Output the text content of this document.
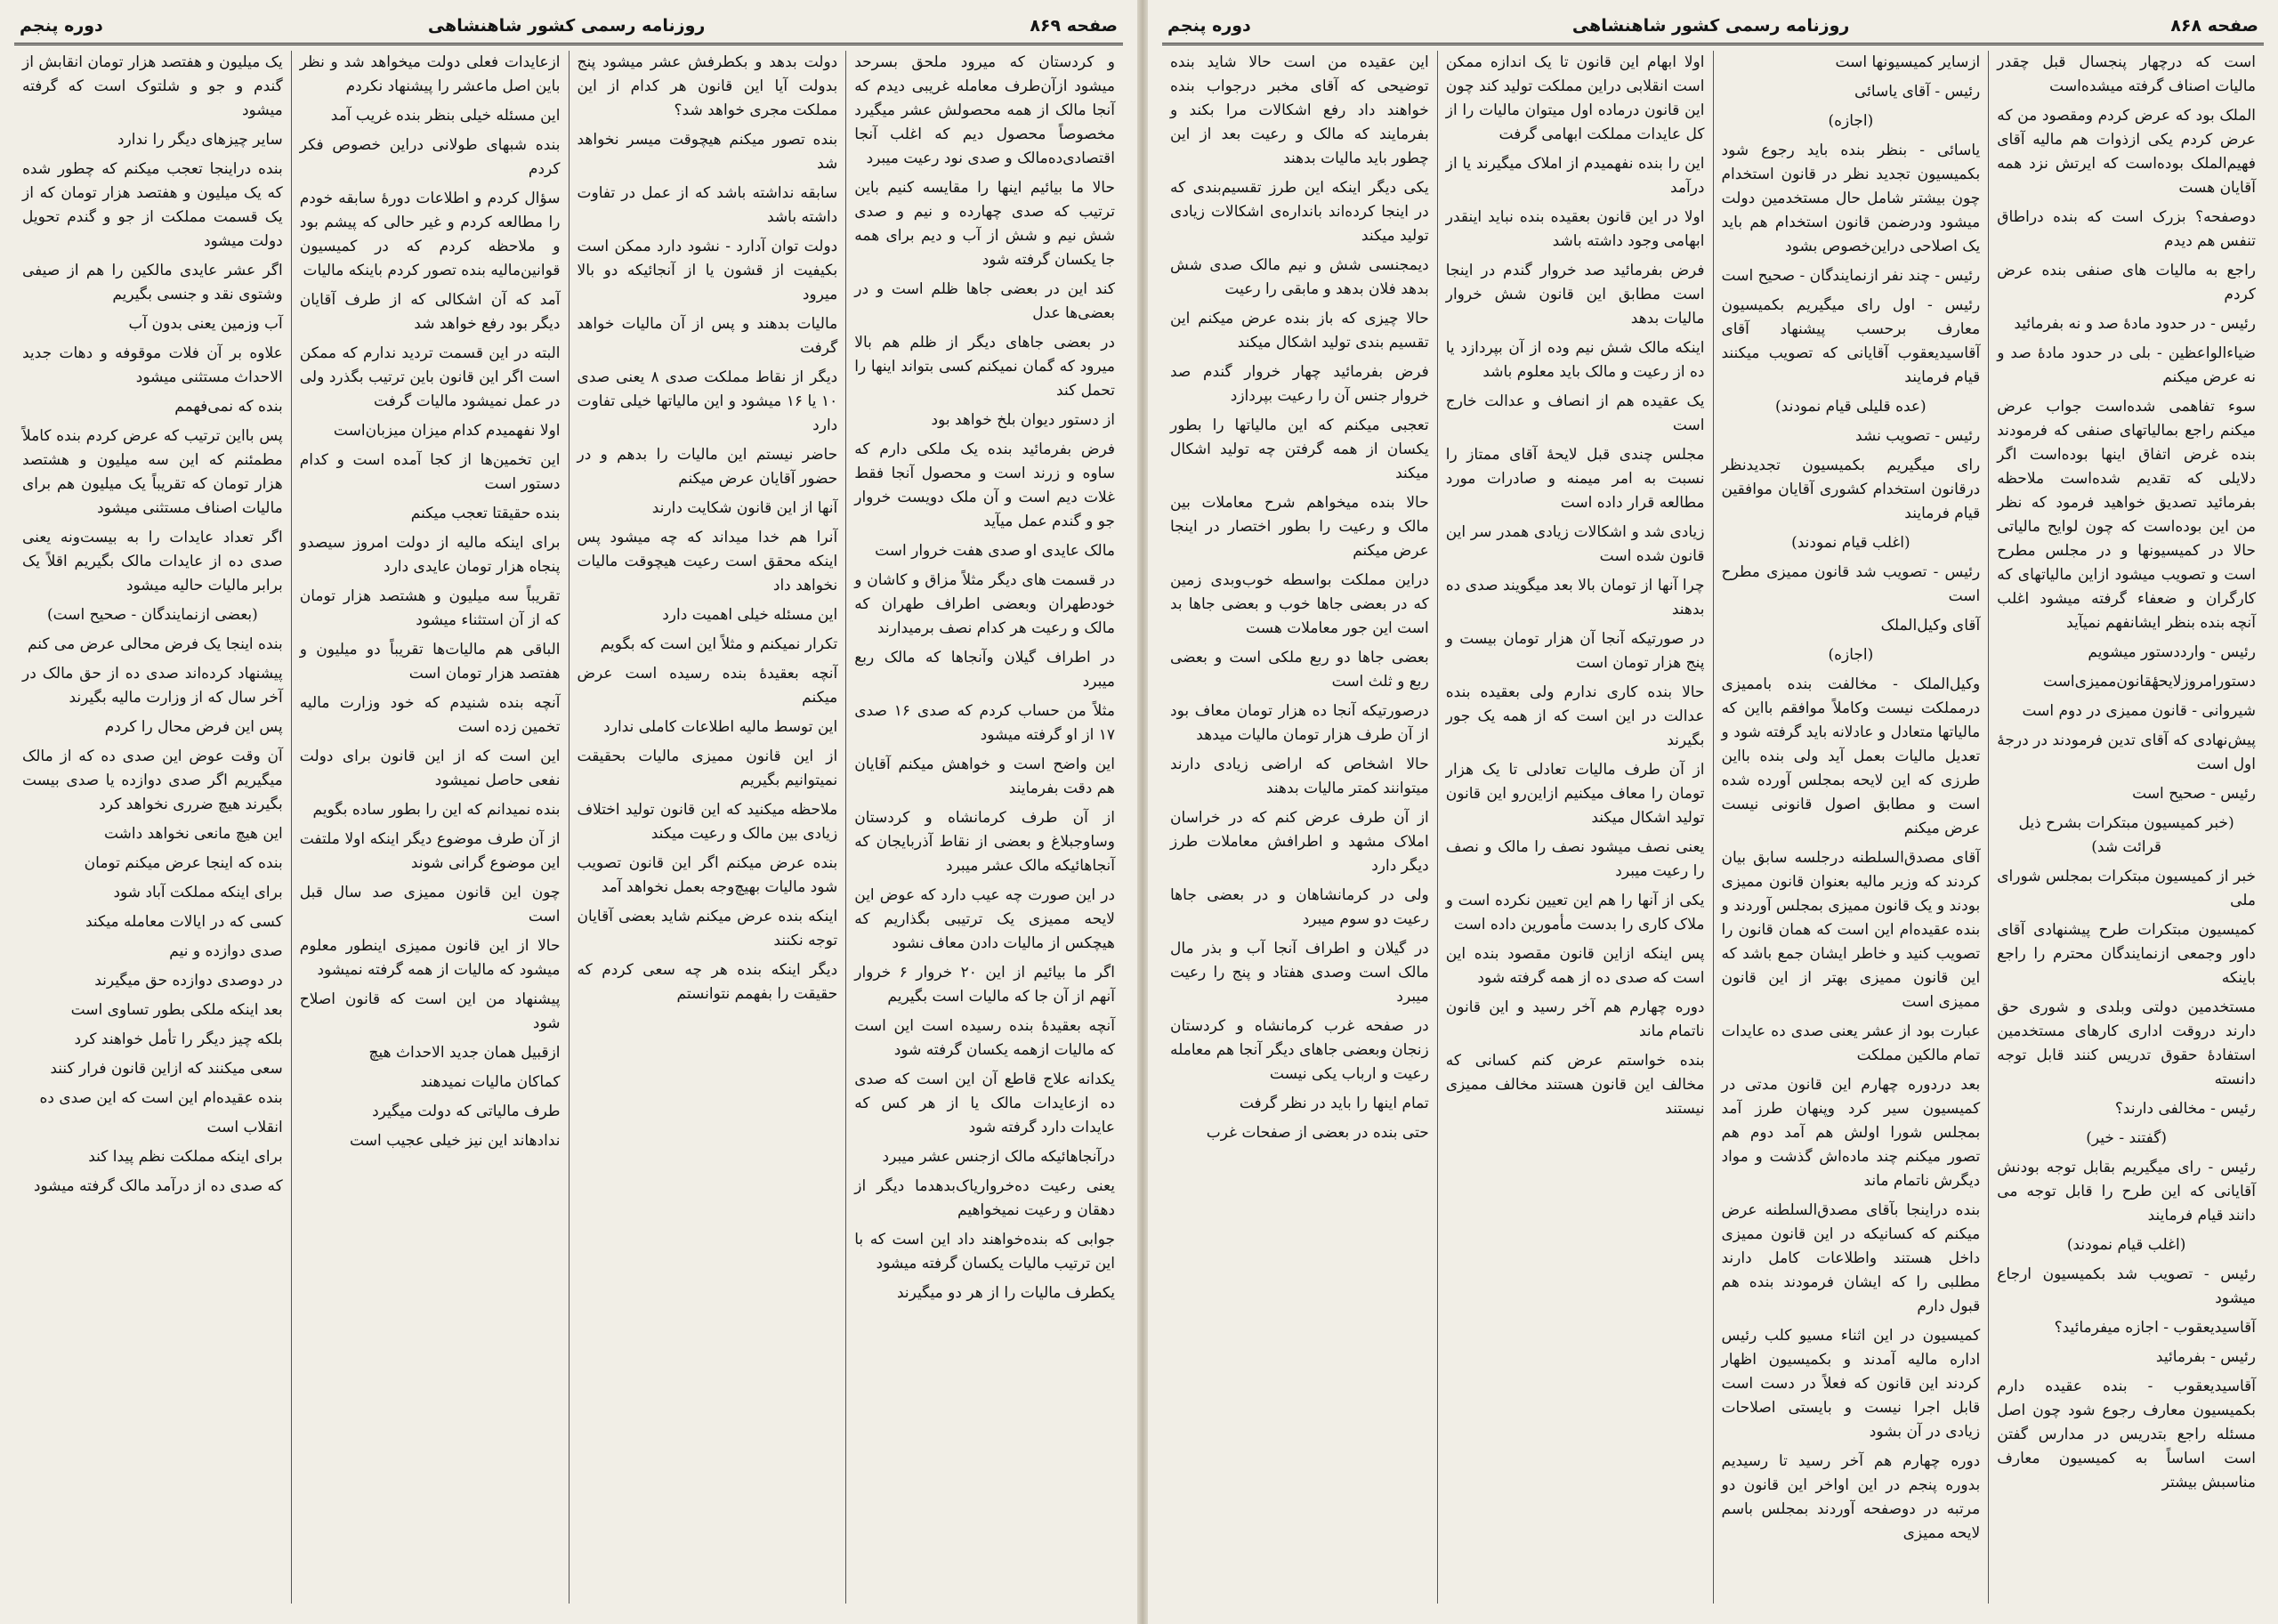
صفحه ۸۶۹
روزنامه رسمی کشور شاهنشاهی
دوره پنجم

و کردستان که میرود ملحق بسرحد میشود ازآن‌طرف معامله غریبی دیدم که آنجا مالک از همه محصولش عشر میگیرد مخصوصاً محصول دیم که اغلب آنجا اقتصادی‌ده‌مالک و صدی نود رعیت میبرد

حالا ما بیائیم اینها را مقایسه کنیم باین ترتیب که صدی چهارده و نیم و صدی شش نیم و شش از آب و دیم برای همه جا یکسان گرفته شود

کند این در بعضی جاها ظلم است و در بعضی‌ها عدل

در بعضی جاهای دیگر از ظلم هم بالا میرود که گمان نمیکنم کسی بتواند اینها را تحمل کند

از دستور دیوان بلخ خواهد بود

فرض بفرمائید بنده یک ملکی دارم که ساوه و زرند است و محصول آنجا فقط غلات دیم است و آن ملک دویست خروار جو و گندم عمل میآید

مالک عایدی او صدی هفت خروار است

در قسمت های دیگر مثلاً مزاق و کاشان و خودطهران وبعضی اطراف طهران که مالک و رعیت هر کدام نصف برمیدارند

در اطراف گیلان وآنجاها که مالک ربع میبرد

مثلاً من حساب کردم که صدی ۱۶ صدی ۱۷ از او گرفته میشود

این واضح است و خواهش میکنم آقایان هم دقت بفرمایند

از آن طرف کرمانشاه و کردستان وساوجبلاغ و بعضی از نقاط آذربایجان که آنجاهائیکه مالک عشر میبرد

در این صورت چه عیب دارد که عوض این لایحه ممیزی یک ترتیبی بگذاریم که هیچکس از مالیات دادن معاف نشود

اگر ما بیائیم از این ۲۰ خروار ۶ خروار آنهم از آن جا که مالیات است بگیریم

آنچه بعقیدهٔ بنده رسیده است این است که مالیات ازهمه یکسان گرفته شود

یکدانه علاج قاطع آن این است که صدی ده ازعایدات مالک یا از هر کس که عایدات دارد گرفته شود

درآنجاهائیکه مالک ازجنس عشر میبرد

یعنی رعیت ده‌خروار‌یاک‌بدهد‌ما‌ دیگر از دهقان و رعیت نمیخواهیم

جوابی که بنده‌خواهند داد این است که با این ترتیب مالیات یکسان گرفته میشود

یکطرف مالیات را از هر دو میگیرند

دولت بدهد و بکطرفش عشر میشود پنج بدولت آیا این قانون هر کدام از این مملکت مجری خواهد شد؟

بنده تصور میکنم هیچوقت میسر نخواهد شد

سابقه نداشته باشد که از عمل در تفاوت داشته باشد

دولت توان آدارد - نشود دارد ممکن است بکیفیت از قشون یا از آنجائیکه دو بالا میرود

مالیات بدهند و پس از آن مالیات خواهد گرفت

دیگر از نقاط مملکت صدی ۸ یعنی صدی ۱۰ یا ۱۶ میشود و این مالیاتها خیلی تفاوت دارد

حاضر نیستم این مالیات را بدهم و در حضور آقایان عرض میکنم

آنها از این قانون شکایت دارند

آنرا هم خدا میداند که چه میشود پس اینکه محقق است رعیت هیچوقت مالیات نخواهد داد

این مسئله خیلی اهمیت دارد

تکرار نمیکنم و مثلاً این است که بگویم

آنچه بعقیدهٔ بنده رسیده است عرض میکنم

این توسط مالیه اطلاعات کاملی ندارد

از این قانون ممیزی مالیات بحقیقت نمیتوانیم بگیریم

ملاحظه میکنید که این قانون تولید اختلاف زیادی بین مالک و رعیت میکند

بنده عرض میکنم اگر این قانون تصویب شود مالیات بهیچ‌وجه بعمل نخواهد آمد

اینکه بنده عرض میکنم شاید بعضی آقایان توجه نکنند

دیگر اینکه بنده هر چه سعی کردم که حقیقت را بفهمم نتوانستم

ازعایدات فعلی دولت میخواهد شد و نظر باین اصل ماعشر را پیشنهاد نکردم

این مسئله خیلی بنظر بنده غریب آمد

بنده شبهای طولانی دراین خصوص فکر کردم

سؤال کردم و اطلاعات دورهٔ سابقه خودم را مطالعه کردم و غیر حالی که پیشم بود و ملاحظه کردم که در کمیسیون قوانین‌مالیه بنده تصور کردم باینکه مالیات

آمد که آن اشکالی که از طرف آقایان دیگر بود رفع خواهد شد

البته در این قسمت تردید ندارم که ممکن است اگر این قانون باین ترتیب بگذرد ولی در عمل نمیشود مالیات گرفت

اولا نفهمیدم کدام میزان میزبان‌است

این تخمین‌ها از کجا آمده است و کدام دستور است

بنده حقیقتا تعجب میکنم

برای اینکه مالیه از دولت امروز سیصدو پنجاه هزار تومان عایدی دارد

تقریباً سه میلیون و هشتصد هزار تومان که از آن استثناء میشود

الباقی هم مالیات‌ها تقریباً دو میلیون و هفتصد هزار تومان است

آنچه بنده شنیدم که خود وزارت مالیه تخمین زده است

این است که از این قانون برای دولت نفعی حاصل نمیشود

بنده نمیدانم که این را بطور ساده بگویم

از آن طرف موضوع دیگر اینکه اولا ملتفت این موضوع گرانی شوند

چون این قانون ممیزی صد سال قبل است

حالا از این قانون ممیزی اینطور معلوم میشود که مالیات از همه گرفته نمیشود

پیشنهاد من این است که قانون اصلاح شود

ازقبیل همان جدید الاحداث هیچ

کماکان مالیات نمیدهند

طرف مالیاتی که دولت میگیرد

ندادهاند این نیز خیلی عجیب است

یک میلیون و هفتصد هزار تومان انقابش از گندم و جو و شلتوک است که گرفته میشود

سایر چیزهای دیگر را ندارد

بنده دراینجا تعجب میکنم که چطور شده که یک میلیون و هفتصد هزار تومان که از یک قسمت مملکت از جو و گندم تحویل دولت میشود

اگر عشر عایدی مالکین را هم از صیفی وشتوی نقد و جنسی بگیریم

آب وزمین یعنی بدون آب

علاوه بر آن فلات موقوفه و دهات جدید الاحداث مستثنی میشود

بنده که نمی‌فهمم

پس بااین ترتیب که عرض کردم بنده کاملاً مطمئنم که این سه میلیون و هشتصد هزار تومان که تقریباً یک میلیون هم برای مالیات اصناف مستثنی میشود

اگر تعداد عایدات را به بیست‌ونه یعنی صدی ده از عایدات مالک بگیریم اقلاً یک برابر مالیات حالیه میشود

(بعضی ازنمایندگان - صحیح است)

بنده اینجا یک فرض محالی عرض می کنم

پیشنهاد کرده‌اند صدی ده از حق مالک در آخر سال که از وزارت مالیه بگیرند

پس این فرض محال را کردم

آن وقت عوض این صدی ده که از مالک میگیریم اگر صدی دوازده یا صدی بیست بگیرند هیچ ضرری نخواهد کرد

این هیچ مانعی نخواهد داشت

بنده که اینجا عرض میکنم تومان

برای اینکه مملکت آباد شود

کسی که در ایالات معامله میکند

صدی دوازده و نیم

در دوصدی دوازده حق میگیرند

بعد اینکه ملکی بطور تساوی است

بلکه چیز دیگر را تأمل خواهند کرد

سعی میکنند که ازاین قانون فرار کنند

بنده عقیده‌ام این است که این صدی ده

انقلاب است

برای اینکه مملکت نظم پیدا کند

که صدی ده از درآمد مالک گرفته میشود

صفحه ۸۶۸
روزنامه رسمی کشور شاهنشاهی
دوره پنجم

است که درچهار پنجسال قبل چقدر مالیات اصناف گرفته میشده‌است

الملک بود که عرض کردم ومقصود من که عرض کردم یکی ازذوات هم مالیه آقای فهیم‌الملک بوده‌است که ایرتش نزد همه آقایان هست

دوصفحه؟ بزرک است که بنده دراطاق تنفس هم دیدم

راجع به مالیات های صنفی بنده عرض کردم

رئیس - در حدود مادهٔ صد و نه بفرمائید

ضیاءالواعظین - بلی در حدود مادهٔ صد و نه عرض میکنم

سوء تفاهمی شده‌است جواب عرض میکنم راجع بمالیاتهای صنفی که فرمودند بنده غرض اتفاق اینها بوده‌است اگر دلایلی که تقدیم شده‌است ملاحظه بفرمائید تصدیق خواهید فرمود که نظر من این بوده‌است که چون لوایح مالیاتی حالا در کمیسیونها و در مجلس مطرح است و تصویب میشود ازاین مالیاتهای که کارگران و ضعفاء گرفته میشود اغلب آنچه بنده بنظر ایشانفهم نمیآید

رئیس - وارددستور میشویم

دستورامروزلایحهٔقانون‌ممیزی‌است

شیروانی - قانون ممیزی در دوم است

پیش‌نهادی که آقای تدین فرمودند در درجهٔ اول است

رئیس - صحیح است

(خبر کمیسیون مبتکرات بشرح ذیل قرائت شد)

خبر از کمیسیون مبتکرات بمجلس شورای ملی

کمیسیون مبتکرات طرح پیشنهادی آقای داور وجمعی ازنمایندگان محترم را راجع باینکه

مستخدمین دولتی وبلدی و شوری حق دارند دروقت اداری کارهای مستخدمین استفادهٔ حقوق تدریس کنند قابل توجه دانسته

رئیس - مخالفی دارند؟

(گفتند - خیر)

رئیس - رای میگیریم بقابل توجه بودنش آقایانی که این طرح را قابل توجه می دانند قیام فرمایند

(اغلب قیام نمودند)

رئیس - تصویب شد بکمیسیون ارجاع میشود

آقاسیدیعقوب - اجازه میفرمائید؟

رئیس - بفرمائید

آقاسیدیعقوب - بنده عقیده دارم بکمیسیون معارف رجوع شود چون اصل مسئله راجع بتدریس در مدارس گفتن است اساساً به کمیسیون معارف مناسبش بیشتر

ازسایر کمیسیونها است

رئیس - آقای یاسائی

(اجازه)

یاسائی - بنظر بنده باید رجوع شود بکمیسیون تجدید نظر در قانون استخدام چون بیشتر شامل حال مستخدمین دولت میشود ودرضمن قانون استخدام هم باید یک اصلاحی دراین‌خصوص بشود

رئیس - چند نفر ازنمایندگان - صحیح است

رئیس - اول رای میگیریم بکمیسیون معارف برحسب پیشنهاد آقای آقاسیدیعقوب آقایانی که تصویب میکنند قیام فرمایند

(عده قلیلی قیام نمودند)

رئیس - تصویب نشد

رای میگیریم بکمیسیون تجدیدنظر درقانون استخدام کشوری آقایان موافقین قیام فرمایند

(اغلب قیام نمودند)

رئیس - تصویب شد قانون ممیزی مطرح است

آقای وکیل‌الملک

(اجازه)

وکیل‌الملک - مخالفت بنده باممیزی درمملکت نیست وکاملاً موافقم بااین که مالیاتها متعادل و عادلانه باید گرفته شود و تعدیل مالیات بعمل آید ولی بنده بااین طرزی که این لایحه بمجلس آورده شده است و مطابق اصول قانونی نیست عرض میکنم

آقای مصدق‌السلطنه درجلسه سابق بیان کردند که وزیر مالیه بعنوان قانون ممیزی بودند و یک قانون ممیزی بمجلس آوردند و بنده عقیده‌ام این است که همان قانون را تصویب کنید و خاطر ایشان جمع باشد که این قانون ممیزی بهتر از این قانون ممیزی است

عبارت بود از عشر یعنی صدی ده عایدات تمام مالکین مملکت

بعد دردوره چهارم این قانون مدتی در کمیسیون سیر کرد وپنهان طرز آمد بمجلس شورا اولش هم آمد دوم هم تصور میکنم چند ماده‌اش گذشت و مواد دیگرش ناتمام ماند

بنده دراینجا بآقای مصدق‌السلطنه عرض میکنم که کسانیکه در این قانون ممیزی داخل هستند واطلاعات کامل دارند مطلبی را که ایشان فرمودند بنده هم قبول دارم

کمیسیون در این اثناء مسیو کلب رئیس اداره مالیه آمدند و بکمیسیون اظهار کردند این قانون که فعلاً در دست است قابل اجرا نیست و بایستی اصلاحات زیادی در آن بشود

دوره چهارم هم آخر رسید تا رسیدیم بدوره پنجم در این اواخر این قانون دو مرتبه در دوصفحه آوردند بمجلس باسم لایحه ممیزی

اولا ابهام این قانون تا یک اندازه ممکن است انقلابی دراین مملکت تولید کند چون این قانون درماده اول میتوان مالیات را از کل عایدات مملکت ابهامی گرفت

این را بنده نفهمیدم از املاک میگیرند یا از درآمد

اولا در این قانون بعقیده بنده نباید اینقدر ابهامی وجود داشته باشد

فرض بفرمائید صد خروار گندم در اینجا است مطابق این قانون شش خروار مالیات بدهد

اینکه مالک شش نیم وده از آن بپردازد یا ده از رعیت و مالک باید معلوم باشد

یک عقیده هم از انصاف و عدالت خارج است

مجلس چندی قبل لایحهٔ آقای ممتاز را نسبت به امر میمنه و صادرات مورد مطالعه قرار داده است

زیادی شد و اشکالات زیادی همدر سر این قانون شده است

چرا آنها از تومان بالا بعد میگویند صدی ده بدهند

در صورتیکه آنجا آن هزار تومان بیست و پنج هزار تومان است

حالا بنده کاری ندارم ولی بعقیده بنده عدالت در این است که از همه یک جور بگیرند

از آن طرف مالیات تعادلی تا یک هزار تومان را معاف میکنیم ازاین‌رو این قانون تولید اشکال میکند

یعنی نصف میشود نصف را مالک و نصف را رعیت میبرد

یکی از آنها را هم این تعیین نکرده است و ملاک کاری را بدست مأمورین داده است

پس اینکه ازاین قانون مقصود بنده این است که صدی ده از همه گرفته شود

دوره چهارم هم آخر رسید و این قانون ناتمام ماند

بنده خواستم عرض کنم کسانی که مخالف این قانون هستند مخالف ممیزی نیستند

این عقیده من است حالا شاید بنده توضیحی که آقای مخبر درجواب بنده خواهند داد رفع اشکالات مرا بکند و بفرمایند که مالک و رعیت بعد از این چطور باید مالیات بدهند

یکی دیگر اینکه این طرز تقسیم‌بندی که در اینجا کرده‌اند بانداره‌ی اشکالات زیادی تولید میکند

دیمجنسی شش و نیم مالک صدی شش بدهد فلان بدهد و مابقی را رعیت

حالا چیزی که باز بنده عرض میکنم این تقسیم بندی تولید اشکال میکند

فرض بفرمائید چهار خروار گندم صد خروار جنس آن را رعیت بپردازد

تعجبی میکنم که این مالیاتها را بطور یکسان از همه گرفتن چه تولید اشکال میکند

حالا بنده میخواهم شرح معاملات بین مالک و رعیت را بطور اختصار در اینجا عرض میکنم

دراین مملکت بواسطه خوب‌وبدی زمین که در بعضی جاها خوب و بعضی جاها بد است این جور معاملات هست

بعضی جاها دو ربع ملکی است و بعضی ربع و ثلث است

درصورتیکه آنجا ده هزار تومان معاف بود از آن طرف هزار تومان مالیات میدهد

حالا اشخاص که اراضی زیادی دارند میتوانند کمتر مالیات بدهند

از آن طرف عرض کنم که در خراسان املاک مشهد و اطرافش معاملات طرز دیگر دارد

ولی در کرمانشاهان و در بعضی جاها رعیت دو سوم میبرد

در گیلان و اطراف آنجا آب و بذر مال مالک است وصدی هفتاد و پنج را رعیت میبرد

در صفحه غرب کرمانشاه و کردستان زنجان وبعضی جاهای دیگر آنجا هم معامله رعیت و ارباب یکی نیست

تمام اینها را باید در نظر گرفت

حتی بنده در بعضی از صفحات غرب
